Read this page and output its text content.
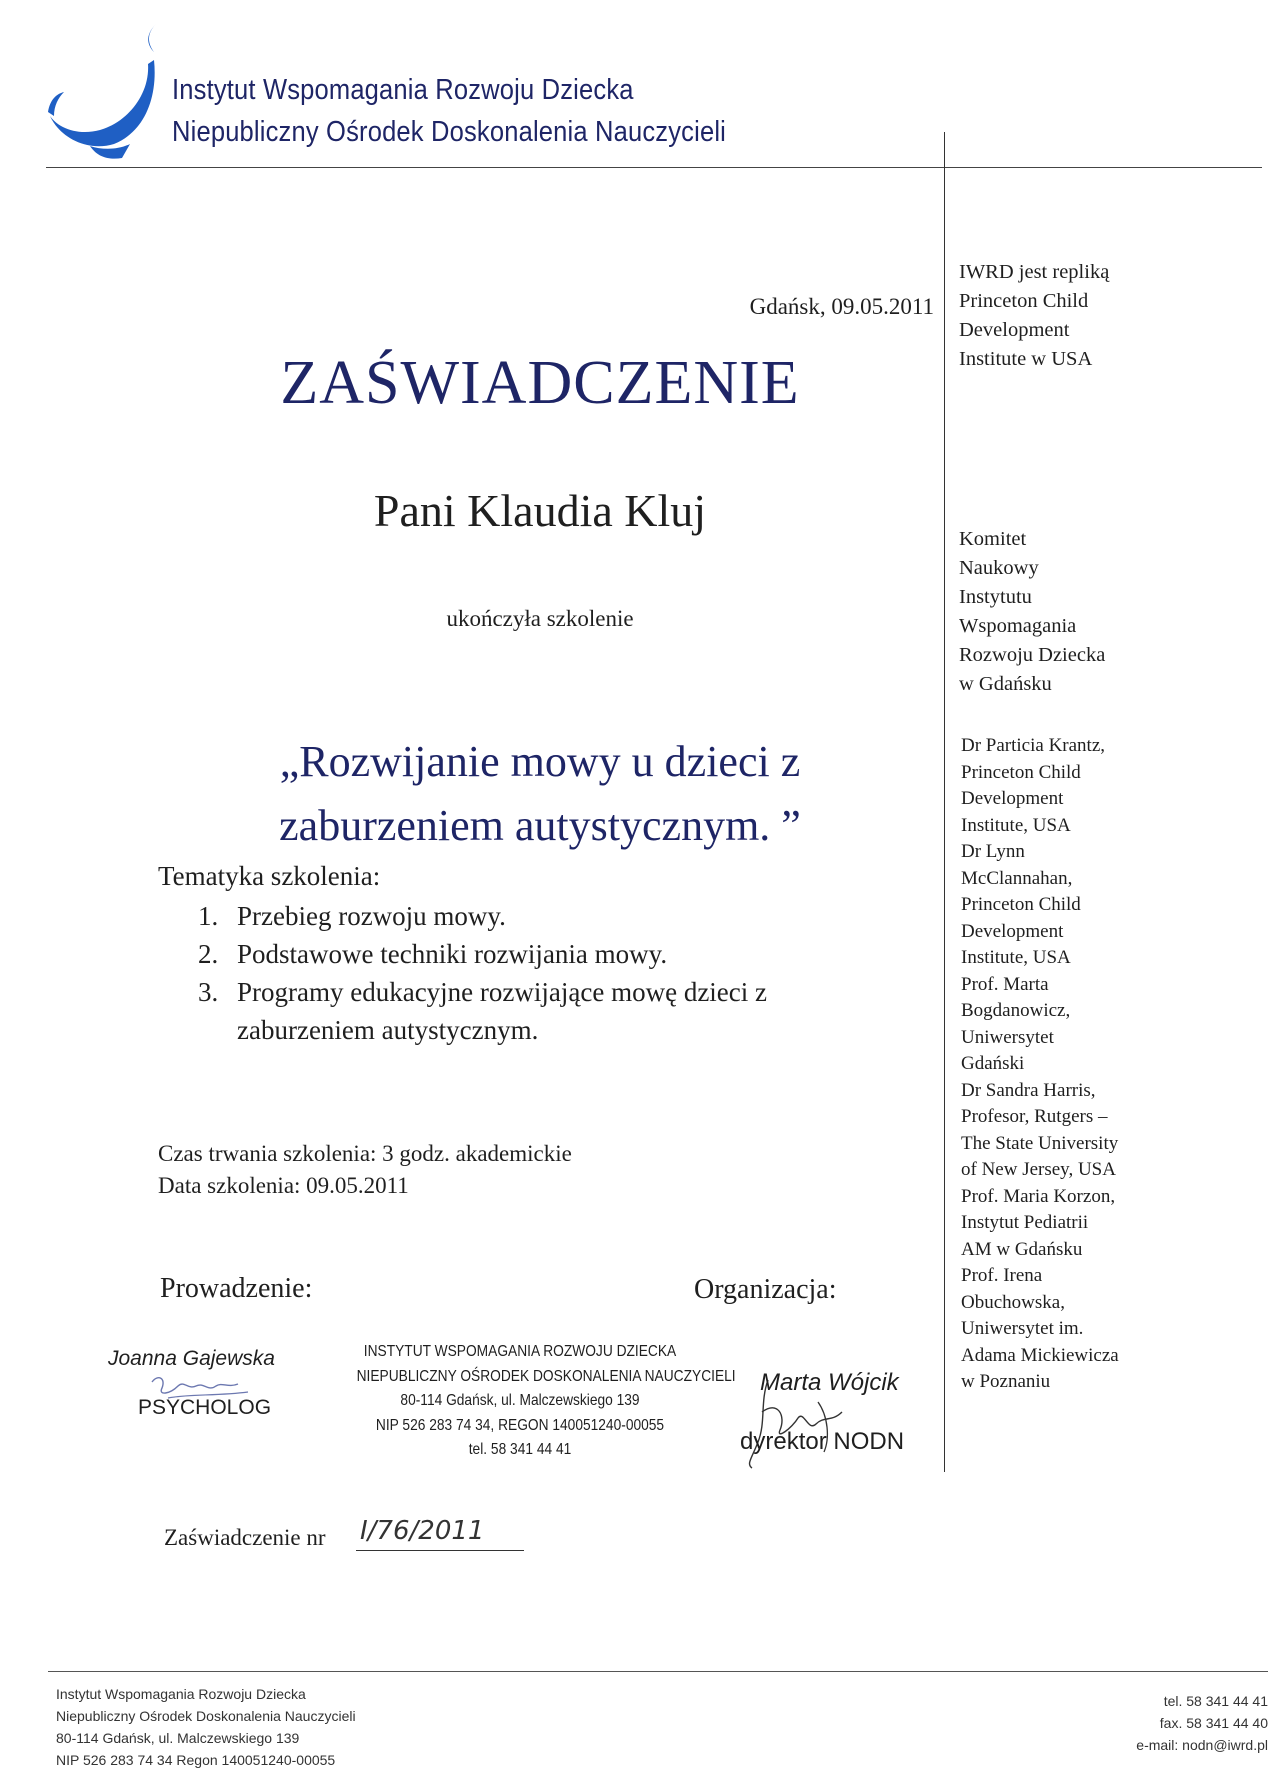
Instytut Wspomagania Rozwoju Dziecka
Niepubliczny Ośrodek Doskonalenia Nauczycieli
Gdańsk, 09.05.2011
ZAŚWIADCZENIE
Pani Klaudia Kluj
ukończyła szkolenie
„Rozwijanie mowy u dzieci z
zaburzeniem autystycznym. ”
Tematyka szkolenia:
1. Przebieg rozwoju mowy.
2. Podstawowe techniki rozwijania mowy.
3. Programy edukacyjne rozwijające mowę dzieci z
zaburzeniem autystycznym.
Czas trwania szkolenia: 3 godz. akademickie
Data szkolenia: 09.05.2011
Prowadzenie:	Organizacja:
Joanna Gajewska
PSYCHOLOG
INSTYTUT WSPOMAGANIA ROZWOJU DZIECKA
NIEPUBLICZNY OŚRODEK DOSKONALENIA NAUCZYCIELI
80-114 Gdańsk, ul. Malczewskiego 139
NIP 526 283 74 34, REGON 140051240-00055
tel. 58 341 44 41
Marta Wójcik
dyrektor NODN
Zaświadczenie nr I/76/2011
IWRD jest repliką
Princeton Child
Development
Institute w USA
Komitet
Naukowy
Instytutu
Wspomagania
Rozwoju Dziecka
w Gdańsku
Dr Particia Krantz,
Princeton Child
Development
Institute, USA
Dr Lynn
McClannahan,
Princeton Child
Development
Institute, USA
Prof. Marta
Bogdanowicz,
Uniwersytet
Gdański
Dr Sandra Harris,
Profesor, Rutgers –
The State University
of New Jersey, USA
Prof. Maria Korzon,
Instytut Pediatrii
AM w Gdańsku
Prof. Irena
Obuchowska,
Uniwersytet im.
Adama Mickiewicza
w Poznaniu
Instytut Wspomagania Rozwoju Dziecka
Niepubliczny Ośrodek Doskonalenia Nauczycieli
80-114 Gdańsk, ul. Malczewskiego 139
NIP 526 283 74 34 Regon 140051240-00055
tel. 58 341 44 41
fax. 58 341 44 40
e-mail: nodn@iwrd.pl
